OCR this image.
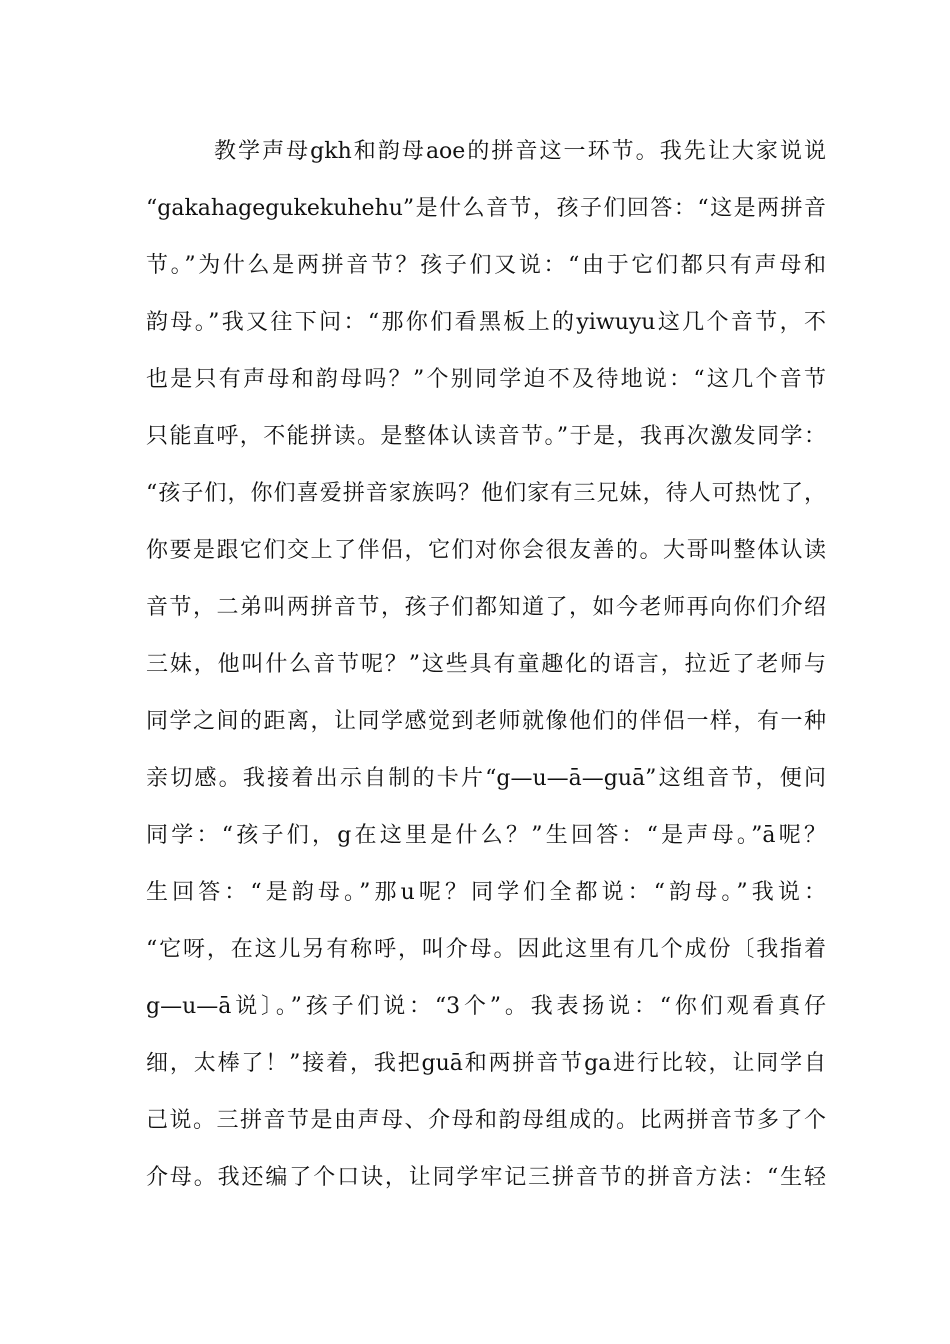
教学声母gkh和韵母aoe的拼音这一环节。我先让大家说说
“gakahagegukekuhehu”是什么音节，孩子们回答：“这是两拼音
节。”为什么是两拼音节？孩子们又说：“由于它们都只有声母和
韵母。”我又往下问：“那你们看黑板上的yiwuyu这几个音节，不
也是只有声母和韵母吗？”个别同学迫不及待地说：“这几个音节
只能直呼，不能拼读。是整体认读音节。”于是，我再次激发同学：
“孩子们，你们喜爱拼音家族吗？他们家有三兄妹，待人可热忱了，
你要是跟它们交上了伴侣，它们对你会很友善的。大哥叫整体认读
音节，二弟叫两拼音节，孩子们都知道了，如今老师再向你们介绍
三妹，他叫什么音节呢？”这些具有童趣化的语言，拉近了老师与
同学之间的距离，让同学感觉到老师就像他们的伴侣一样，有一种
亲切感。我接着出示自制的卡片“g—u—ā—guā”这组音节，便问
同学：“孩子们，g在这里是什么？”生回答：“是声母。”ā呢？
生回答：“是韵母。”那u呢？同学们全都说：“韵母。”我说：
“它呀，在这儿另有称呼，叫介母。因此这里有几个成份〔我指着
g—u—ā说〕。”孩子们说：“3个”。我表扬说：“你们观看真仔
细，太棒了！”接着，我把guā和两拼音节ga进行比较，让同学自
己说。三拼音节是由声母、介母和韵母组成的。比两拼音节多了个
介母。我还编了个口诀，让同学牢记三拼音节的拼音方法：“生轻
